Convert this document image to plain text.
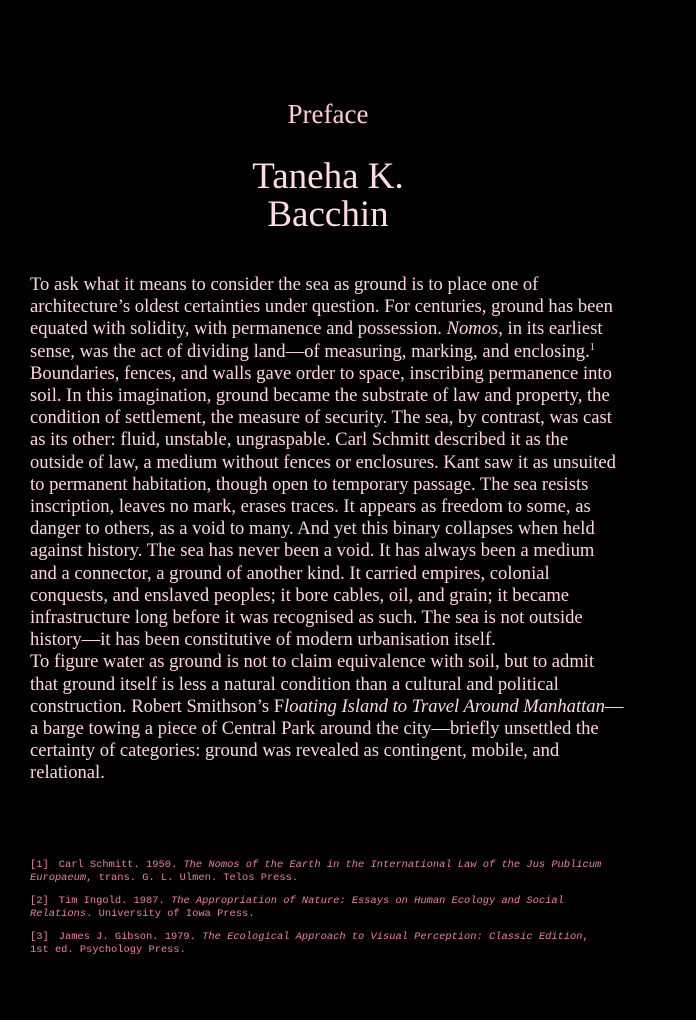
Preface
Taneha K. Bacchin

To ask what it means to consider the sea as ground is to place one of architecture’s oldest certainties under question. For centuries, ground has been equated with solidity, with permanence and possession. Nomos, in its earliest sense, was the act of dividing land—of measuring, marking, and enclosing.$^1$ Boundaries, fences, and walls gave order to space, inscribing permanence into soil. In this imagination, ground became the substrate of law and property, the condition of settlement, the measure of security. The sea, by contrast, was cast as its other: fluid, unstable, ungraspable. Carl Schmitt described it as the outside of law, a medium without fences or enclosures. Kant saw it as unsuited to permanent habitation, though open to temporary passage. The sea resists inscription, leaves no mark, erases traces. It appears as freedom to some, as danger to others, as a void to many. And yet this binary collapses when held against history. The sea has never been a void. It has always been a medium and a connector, a ground of another kind. It carried empires, colonial conquests, and enslaved peoples; it bore cables, oil, and grain; it became infrastructure long before it was recognised as such. The sea is not outside history—it has been constitutive of modern urbanisation itself.

To figure water as ground is not to claim equivalence with soil, but to admit that ground itself is less a natural condition than a cultural and political construction. Robert Smithson’s Floating Island to Travel Around Manhattan—a barge towing a piece of Central Park around the city—briefly unsettled the certainty of categories: ground was revealed as contingent, mobile, and relational.

[1] Carl Schmitt. 1950. The Nomos of the Earth in the International Law of the Jus Publicum Europaeum, trans. G. L. Ulmen. Telos Press.

[2] Tim Ingold. 1987. The Appropriation of Nature: Essays on Human Ecology and Social Relations. University of Iowa Press.

[3] James J. Gibson. 1979. The Ecological Approach to Visual Perception: Classic Edition, 1st ed. Psychology Press.
